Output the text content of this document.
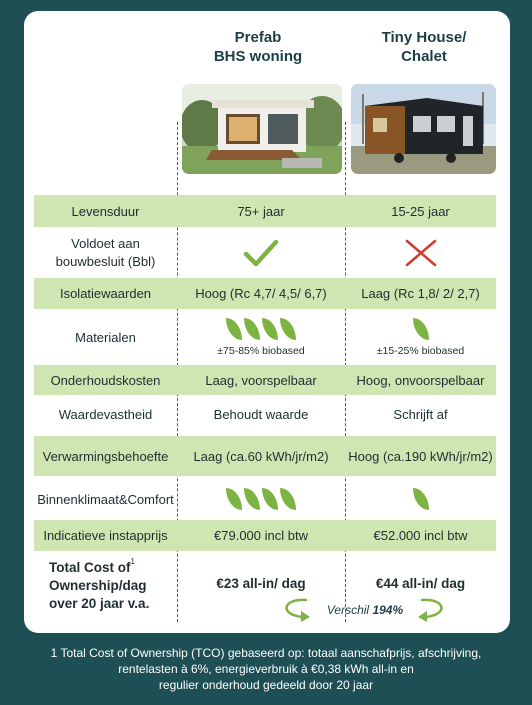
Prefab
BHS woning
Tiny House/
Chalet
Levensduur	75+ jaar	15-25 jaar
Voldoet aan
bouwbesluit (Bbl)
Isolatiewaarden	Hoog (Rc 4,7/ 4,5/ 6,7)	Laag (Rc 1,8/ 2/ 2,7)
Materialen
±75-85% biobased	±15-25% biobased
Onderhoudskosten	Laag, voorspelbaar	Hoog, onvoorspelbaar
Waardevastheid	Behoudt waarde	Schrijft af
Verwarmingsbehoefte	Laag (ca.60 kWh/jr/m2)	Hoog (ca.190 kWh/jr/m2)
Binnenklimaat&Comfort
Indicatieve instapprijs	€79.000 incl btw	€52.000 incl btw
Total Cost $of^1$
Ownership/dag
over 20 jaar v.a.
€23 all-in/ dag	€44 all-in/ dag
Verschil 194%
1 Total Cost of Ownership (TCO) gebaseerd op: totaal aanschafprijs, afschrijving,
rentelasten à 6%, energieverbruik à €0,38 kWh all-in en
regulier onderhoud gedeeld door 20 jaar
